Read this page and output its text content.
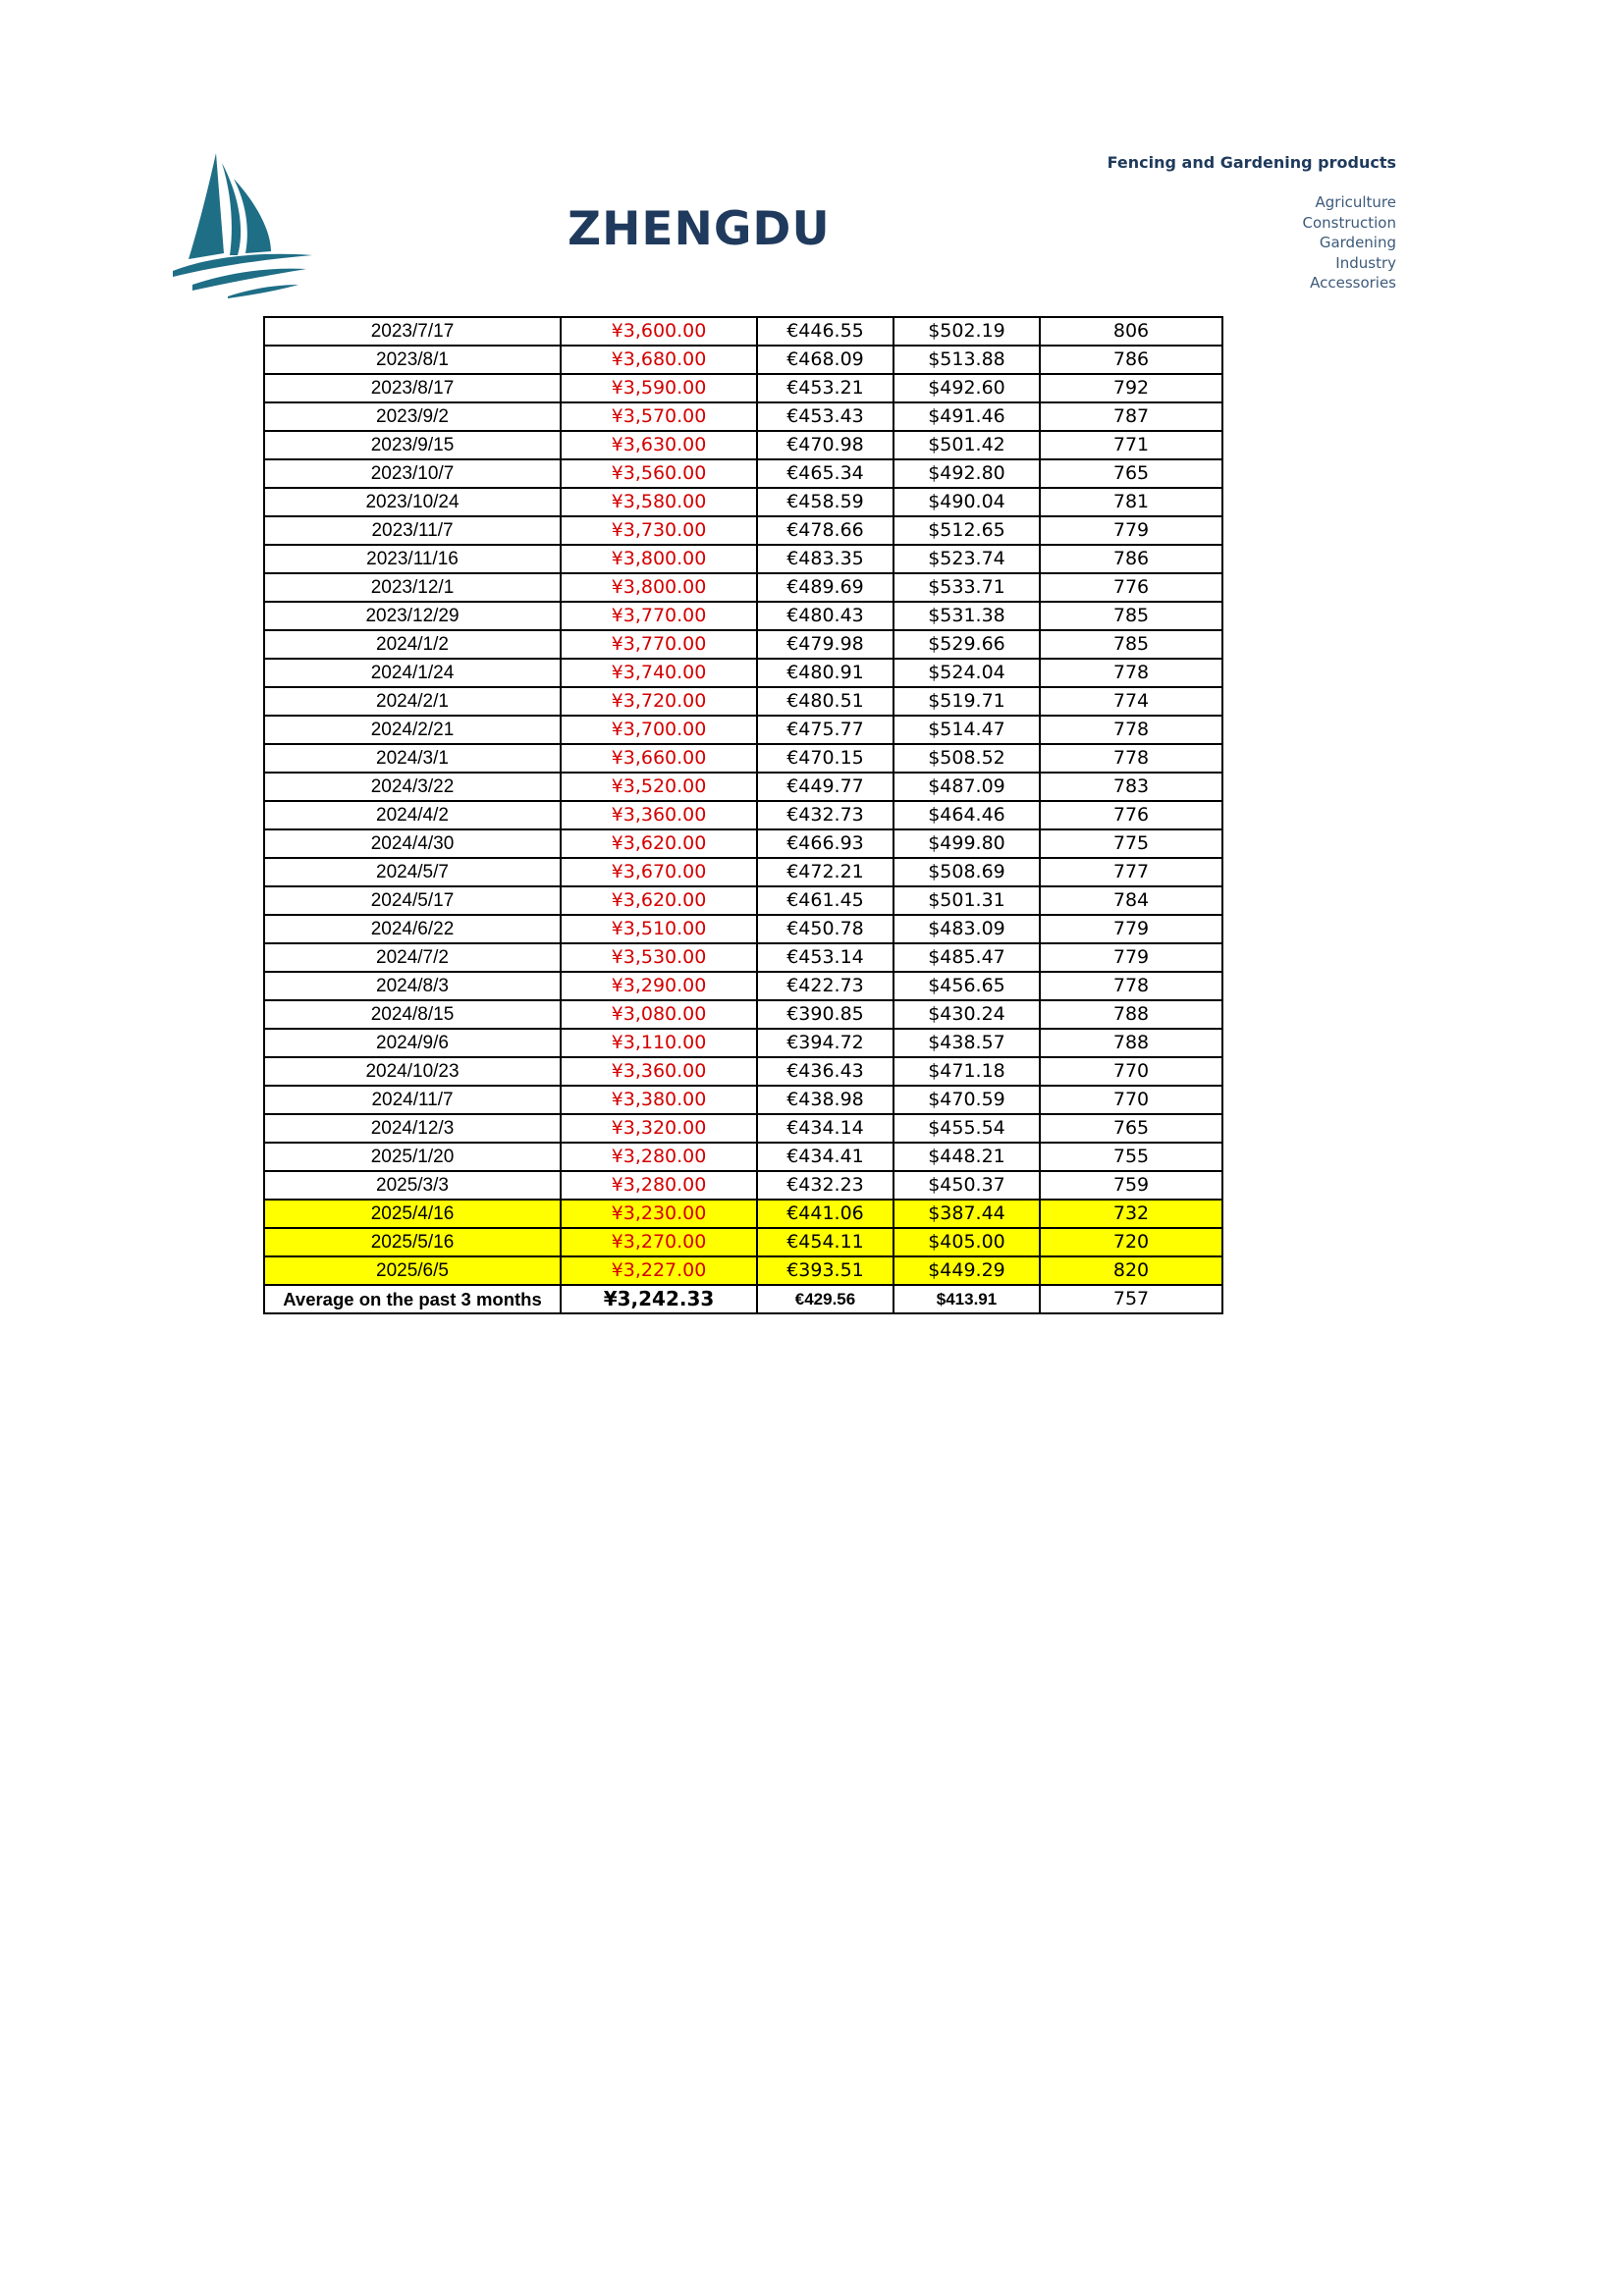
ZHENGDU
Fencing and Gardening products
Agriculture
Construction
Gardening
Industry
Accessories
2023/7/17	¥3,600.00	€446.55	$502.19	806
2023/8/1	¥3,680.00	€468.09	$513.88	786
2023/8/17	¥3,590.00	€453.21	$492.60	792
2023/9/2	¥3,570.00	€453.43	$491.46	787
2023/9/15	¥3,630.00	€470.98	$501.42	771
2023/10/7	¥3,560.00	€465.34	$492.80	765
2023/10/24	¥3,580.00	€458.59	$490.04	781
2023/11/7	¥3,730.00	€478.66	$512.65	779
2023/11/16	¥3,800.00	€483.35	$523.74	786
2023/12/1	¥3,800.00	€489.69	$533.71	776
2023/12/29	¥3,770.00	€480.43	$531.38	785
2024/1/2	¥3,770.00	€479.98	$529.66	785
2024/1/24	¥3,740.00	€480.91	$524.04	778
2024/2/1	¥3,720.00	€480.51	$519.71	774
2024/2/21	¥3,700.00	€475.77	$514.47	778
2024/3/1	¥3,660.00	€470.15	$508.52	778
2024/3/22	¥3,520.00	€449.77	$487.09	783
2024/4/2	¥3,360.00	€432.73	$464.46	776
2024/4/30	¥3,620.00	€466.93	$499.80	775
2024/5/7	¥3,670.00	€472.21	$508.69	777
2024/5/17	¥3,620.00	€461.45	$501.31	784
2024/6/22	¥3,510.00	€450.78	$483.09	779
2024/7/2	¥3,530.00	€453.14	$485.47	779
2024/8/3	¥3,290.00	€422.73	$456.65	778
2024/8/15	¥3,080.00	€390.85	$430.24	788
2024/9/6	¥3,110.00	€394.72	$438.57	788
2024/10/23	¥3,360.00	€436.43	$471.18	770
2024/11/7	¥3,380.00	€438.98	$470.59	770
2024/12/3	¥3,320.00	€434.14	$455.54	765
2025/1/20	¥3,280.00	€434.41	$448.21	755
2025/3/3	¥3,280.00	€432.23	$450.37	759
2025/4/16	¥3,230.00	€441.06	$387.44	732
2025/5/16	¥3,270.00	€454.11	$405.00	720
2025/6/5	¥3,227.00	€393.51	$449.29	820
Average on the past 3 months	¥3,242.33	€429.56	$413.91	757
